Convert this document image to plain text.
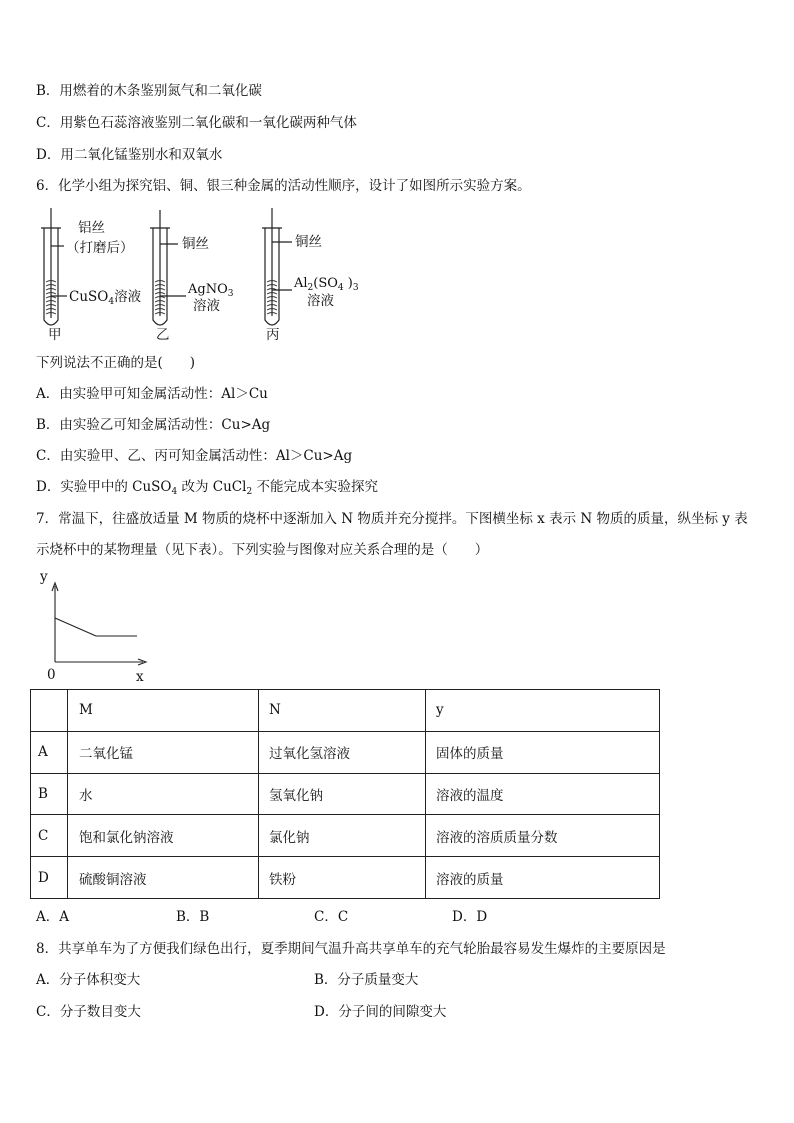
B．用燃着的木条鉴别氮气和二氧化碳
C．用紫色石蕊溶液鉴别二氧化碳和一氧化碳两种气体
D．用二氧化锰鉴别水和双氧水
6．化学小组为探究铝、铜、银三种金属的活动性顺序，设计了如图所示实验方案。
铝丝
（打磨后）
CuSO$_4$溶液
甲
铜丝
AgNO$_3$
溶液
乙
铜丝
$Al_2(SO_4$ )$_3$
溶液
丙
下列说法不正确的是(　　)
A．由实验甲可知金属活动性：Al＞Cu
B．由实验乙可知金属活动性：Cu>Ag
C．由实验甲、乙、丙可知金属活动性：Al＞Cu>Ag
D．实验甲中的 CuSO$_4$ 改为 CuCl$_2$ 不能完成本实验探究
7．常温下，往盛放适量 M 物质的烧杯中逐渐加入 N 物质并充分搅拌。下图横坐标 x 表示 N 物质的质量，纵坐标 y 表
示烧杯中的某物理量（见下表）。下列实验与图像对应关系合理的是（　　）
y
x
0
	M	N	y
A	二氧化锰	过氧化氢溶液	固体的质量
B	水	氢氧化钠	溶液的温度
C	饱和氯化钠溶液	氯化钠	溶液的溶质质量分数
D	硫酸铜溶液	铁粉	溶液的质量
A．A	B．B	C．C	D．D
8．共享单车为了方便我们绿色出行，夏季期间气温升高共享单车的充气轮胎最容易发生爆炸的主要原因是
A．分子体积变大	B．分子质量变大
C．分子数目变大	D．分子间的间隙变大
